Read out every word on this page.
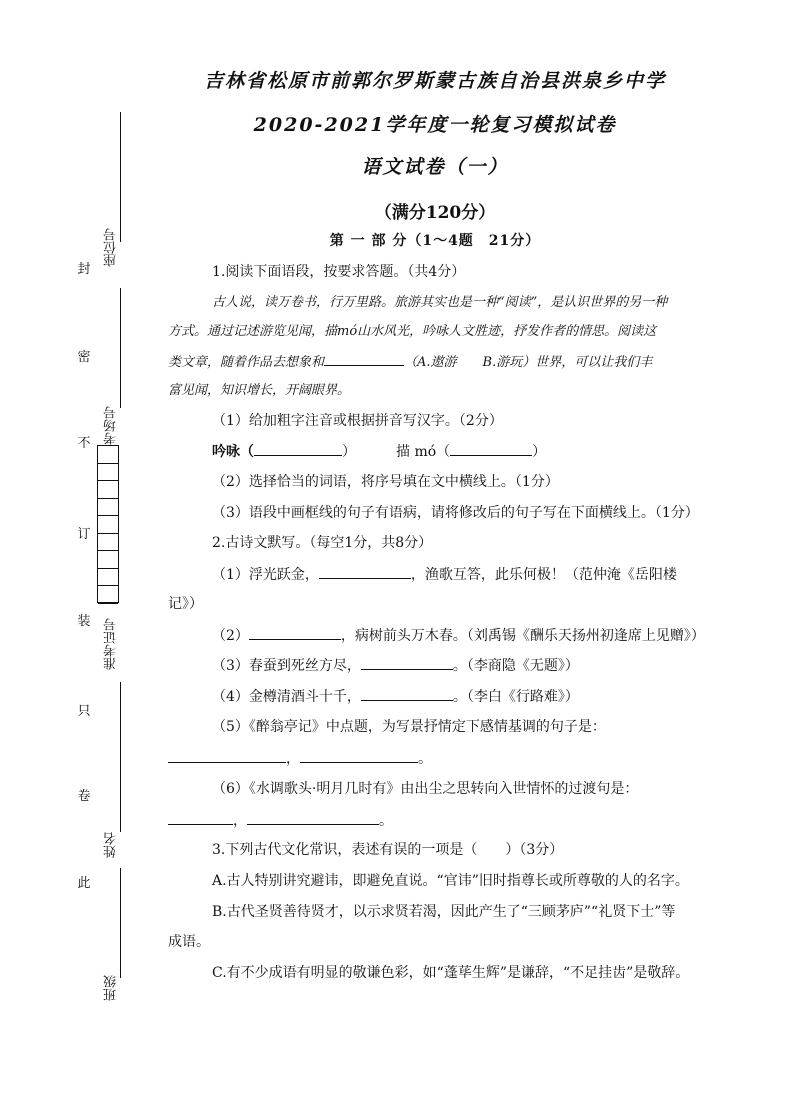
座位号
考场号
准考证号
姓名
班级
封
密
不
订
装
只
卷
此
吉林省松原市前郭尔罗斯蒙古族自治县洪泉乡中学
2020-2021学年度一轮复习模拟试卷
语文试卷（一）
（满分120分）
第 一 部 分（1～4题　21分）
1.阅读下面语段，按要求答题。（共4分）
古人说，读万卷书，行万里路。旅游其实也是一种“阅读”，是认识世界的另一种
方式。通过记述游览见闻，描mó山水风光，吟咏人文胜迹，抒发作者的情思。阅读这
类文章，随着作品去想象和	（A.遨游　　B.游玩）世界，可以让我们丰
富见闻，知识增长，开阔眼界。
（1）给加粗字注音或根据拼音写汉字。（2分）
吟咏（	）	描 mó（	）
（2）选择恰当的词语，将序号填在文中横线上。（1分）
（3）语段中画框线的句子有语病，请将修改后的句子写在下面横线上。（1分）
2.古诗文默写。（每空1分，共8分）
（1）浮光跃金，	，渔歌互答，此乐何极！（范仲淹《岳阳楼
记》）
（2）	，病树前头万木春。（刘禹锡《酬乐天扬州初逢席上见赠》）
（3）春蚕到死丝方尽，	。（李商隐《无题》）
（4）金樽清酒斗十千，	。（李白《行路难》）
（5）《醉翁亭记》中点题，为写景抒情定下感情基调的句子是：
，	。
（6）《水调歌头·明月几时有》由出尘之思转向入世情怀的过渡句是：
，	。
3.下列古代文化常识，表述有误的一项是（　　）（3分）
A.古人特别讲究避讳，即避免直说。“官讳”旧时指尊长或所尊敬的人的名字。
B.古代圣贤善待贤才，以示求贤若渴，因此产生了“三顾茅庐”“礼贤下士”等
成语。
C.有不少成语有明显的敬谦色彩，如“蓬荜生辉”是谦辞，“不足挂齿”是敬辞。
